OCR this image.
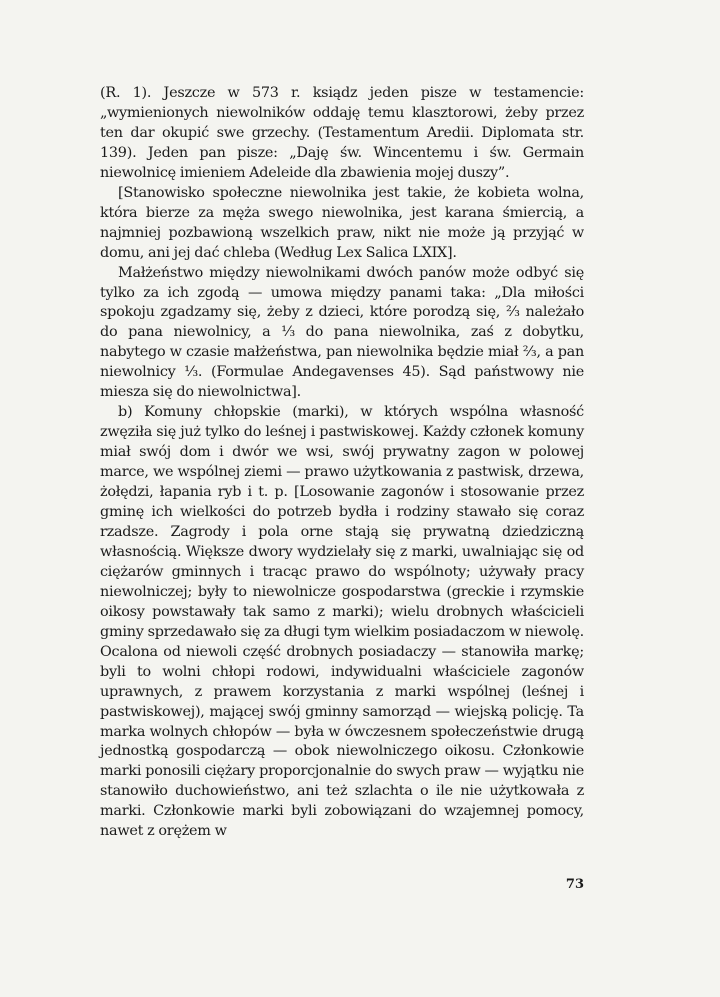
(R. 1). Jeszcze w 573 r. ksiądz jeden pisze w testamencie: „wymienionych niewolników oddaję temu klasztorowi, żeby przez ten dar okupić swe grzechy. (Testamentum Aredii. Diplomata str. 139). Jeden pan pisze: „Daję św. Wincentemu i św. Germain niewolnicę imieniem Adeleide dla zbawienia mojej duszy”.

[Stanowisko społeczne niewolnika jest takie, że kobieta wolna, która bierze za męża swego niewolnika, jest karana śmiercią, a najmniej pozbawioną wszelkich praw, nikt nie może ją przyjąć w domu, ani jej dać chleba (Według Lex Salica LXIX].

Małżeństwo między niewolnikami dwóch panów może odbyć się tylko za ich zgodą — umowa między panami taka: „Dla miłości spokoju zgadzamy się, żeby z dzieci, które porodzą się, ⅔ należało do pana niewolnicy, a ⅓ do pana niewolnika, zaś z dobytku, nabytego w czasie małżeństwa, pan niewolnika będzie miał ⅔, a pan niewolnicy ⅓. (Formulae Andegavenses 45). Sąd państwowy nie miesza się do niewolnictwa].

b) Komuny chłopskie (marki), w których wspólna własność zwęziła się już tylko do leśnej i pastwiskowej. Każdy członek komuny miał swój dom i dwór we wsi, swój prywatny zagon w polowej marce, we wspólnej ziemi — prawo użytkowania z pastwisk, drzewa, żołędzi, łapania ryb i t. p. [Losowanie zagonów i stosowanie przez gminę ich wielkości do potrzeb bydła i rodziny stawało się coraz rzadsze. Zagrody i pola orne stają się prywatną dziedziczną własnością. Większe dwory wydzielały się z marki, uwalniając się od ciężarów gminnych i tracąc prawo do wspólnoty; używały pracy niewolniczej; były to niewolnicze gospodarstwa (greckie i rzymskie oikosy powstawały tak samo z marki); wielu drobnych właścicieli gminy sprzedawało się za długi tym wielkim posiadaczom w niewolę. Ocalona od niewoli część drobnych posiadaczy — stanowiła markę; byli to wolni chłopi rodowi, indywidualni właściciele zagonów uprawnych, z prawem korzystania z marki wspólnej (leśnej i pastwiskowej), mającej swój gminny samorząd — wiejską policję. Ta marka wolnych chłopów — była w ówczesnem społeczeństwie drugą jednostką gospodarczą — obok niewolniczego oikosu. Członkowie marki ponosili ciężary proporcjonalnie do swych praw — wyjątku nie stanowiło duchowieństwo, ani też szlachta o ile nie użytkowała z marki. Członkowie marki byli zobowiązani do wzajemnej pomocy, nawet z orężem w

73
